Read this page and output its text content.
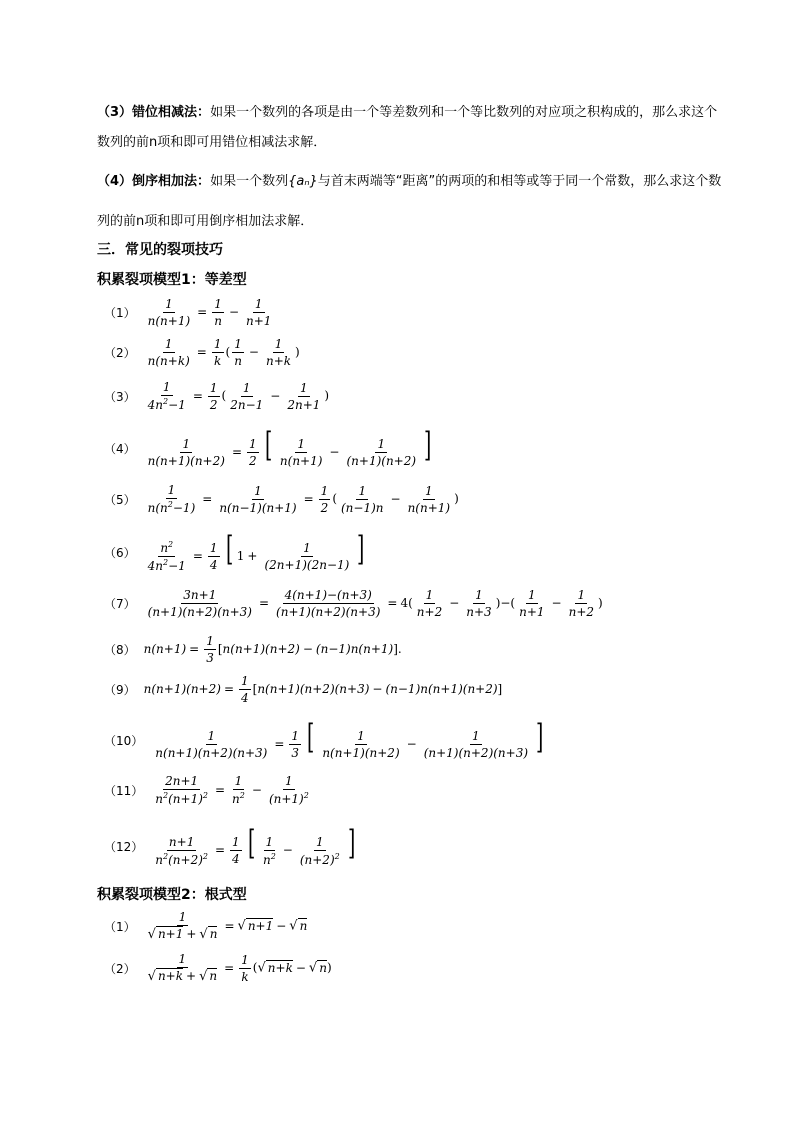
（3）错位相减法：如果一个数列的各项是由一个等差数列和一个等比数列的对应项之积构成的，那么求这个数列的前n项和即可用错位相减法求解．
（4）倒序相加法：如果一个数列{aₙ}与首末两端等“距离”的两项的和相等或等于同一个常数，那么求这个数列的前n项和即可用倒序相加法求解．
三．常见的裂项技巧
积累裂项模型1：等差型
$(1) \frac{1}{n(n+1)} = \frac{1}{n} - \frac{1}{n+1}$
$(2) \frac{1}{n(n+k)} = \frac{1}{k}$ ( $\frac{1}{n} - \frac{1}{n+k}$ )
$(3) \frac{1}{4n^2-1} = \frac{1}{2}$ ( $\frac{1}{2n-1} - \frac{1}{2n+1}$ )
$(4) \frac{1}{n(n+1)(n+2)} = \frac{1}{2}$ [ $\frac{1}{n(n+1)} - \frac{1}{(n+1)(n+2)}$ ]
$(5) \frac{1}{n(n^2-1)} = \frac{1}{n(n-1)(n+1)} = \frac{1}{2}$ ( $\frac{1}{(n-1)n} - \frac{1}{n(n+1)}$ )
$(6) \frac{n^2}{4n^2-1} = \frac{1}{4}$ [ $1 + \frac{1}{(2n+1)(2n-1)}$ ]
$(7) \frac{3n+1}{(n+1)(n+2)(n+3)} = \frac{4(n+1)-(n+3)}{(n+1)(n+2)(n+3)} = 4( \frac{1}{n+2} - \frac{1}{n+3}$ )−( $\frac{1}{n+1} - \frac{1}{n+2}$ )
（8） $n(n+1) = \frac{1}{3} [n(n+1)(n+2) - (n-1)n(n+1)]$.
（9） $n(n+1)(n+2) = \frac{1}{4} [n(n+1)(n+2)(n+3) - (n-1)n(n+1)(n+2)]$
$(10) \frac{1}{n(n+1)(n+2)(n+3)} = \frac{1}{3}$ [ $\frac{1}{n(n+1)(n+2)} - \frac{1}{(n+1)(n+2)(n+3)}$ ]
$(11) \frac{2n+1}{n^2(n+1)^2} = \frac{1}{n^2} - \frac{1}{(n+1)^2}$
$(12) \frac{n+1}{n^2(n+2)^2} = \frac{1}{4}$ [ $\frac{1}{n^2} - \frac{1}{(n+2)^2}$ ]
积累裂项模型2：根式型
$(1) \frac{1}{√ n+1 + √ n}$ = √ n+1 − √ n
$(2) \frac{1}{√ n+k + √ n} = \frac{1}{k}$ (√ n+k − √ n)
